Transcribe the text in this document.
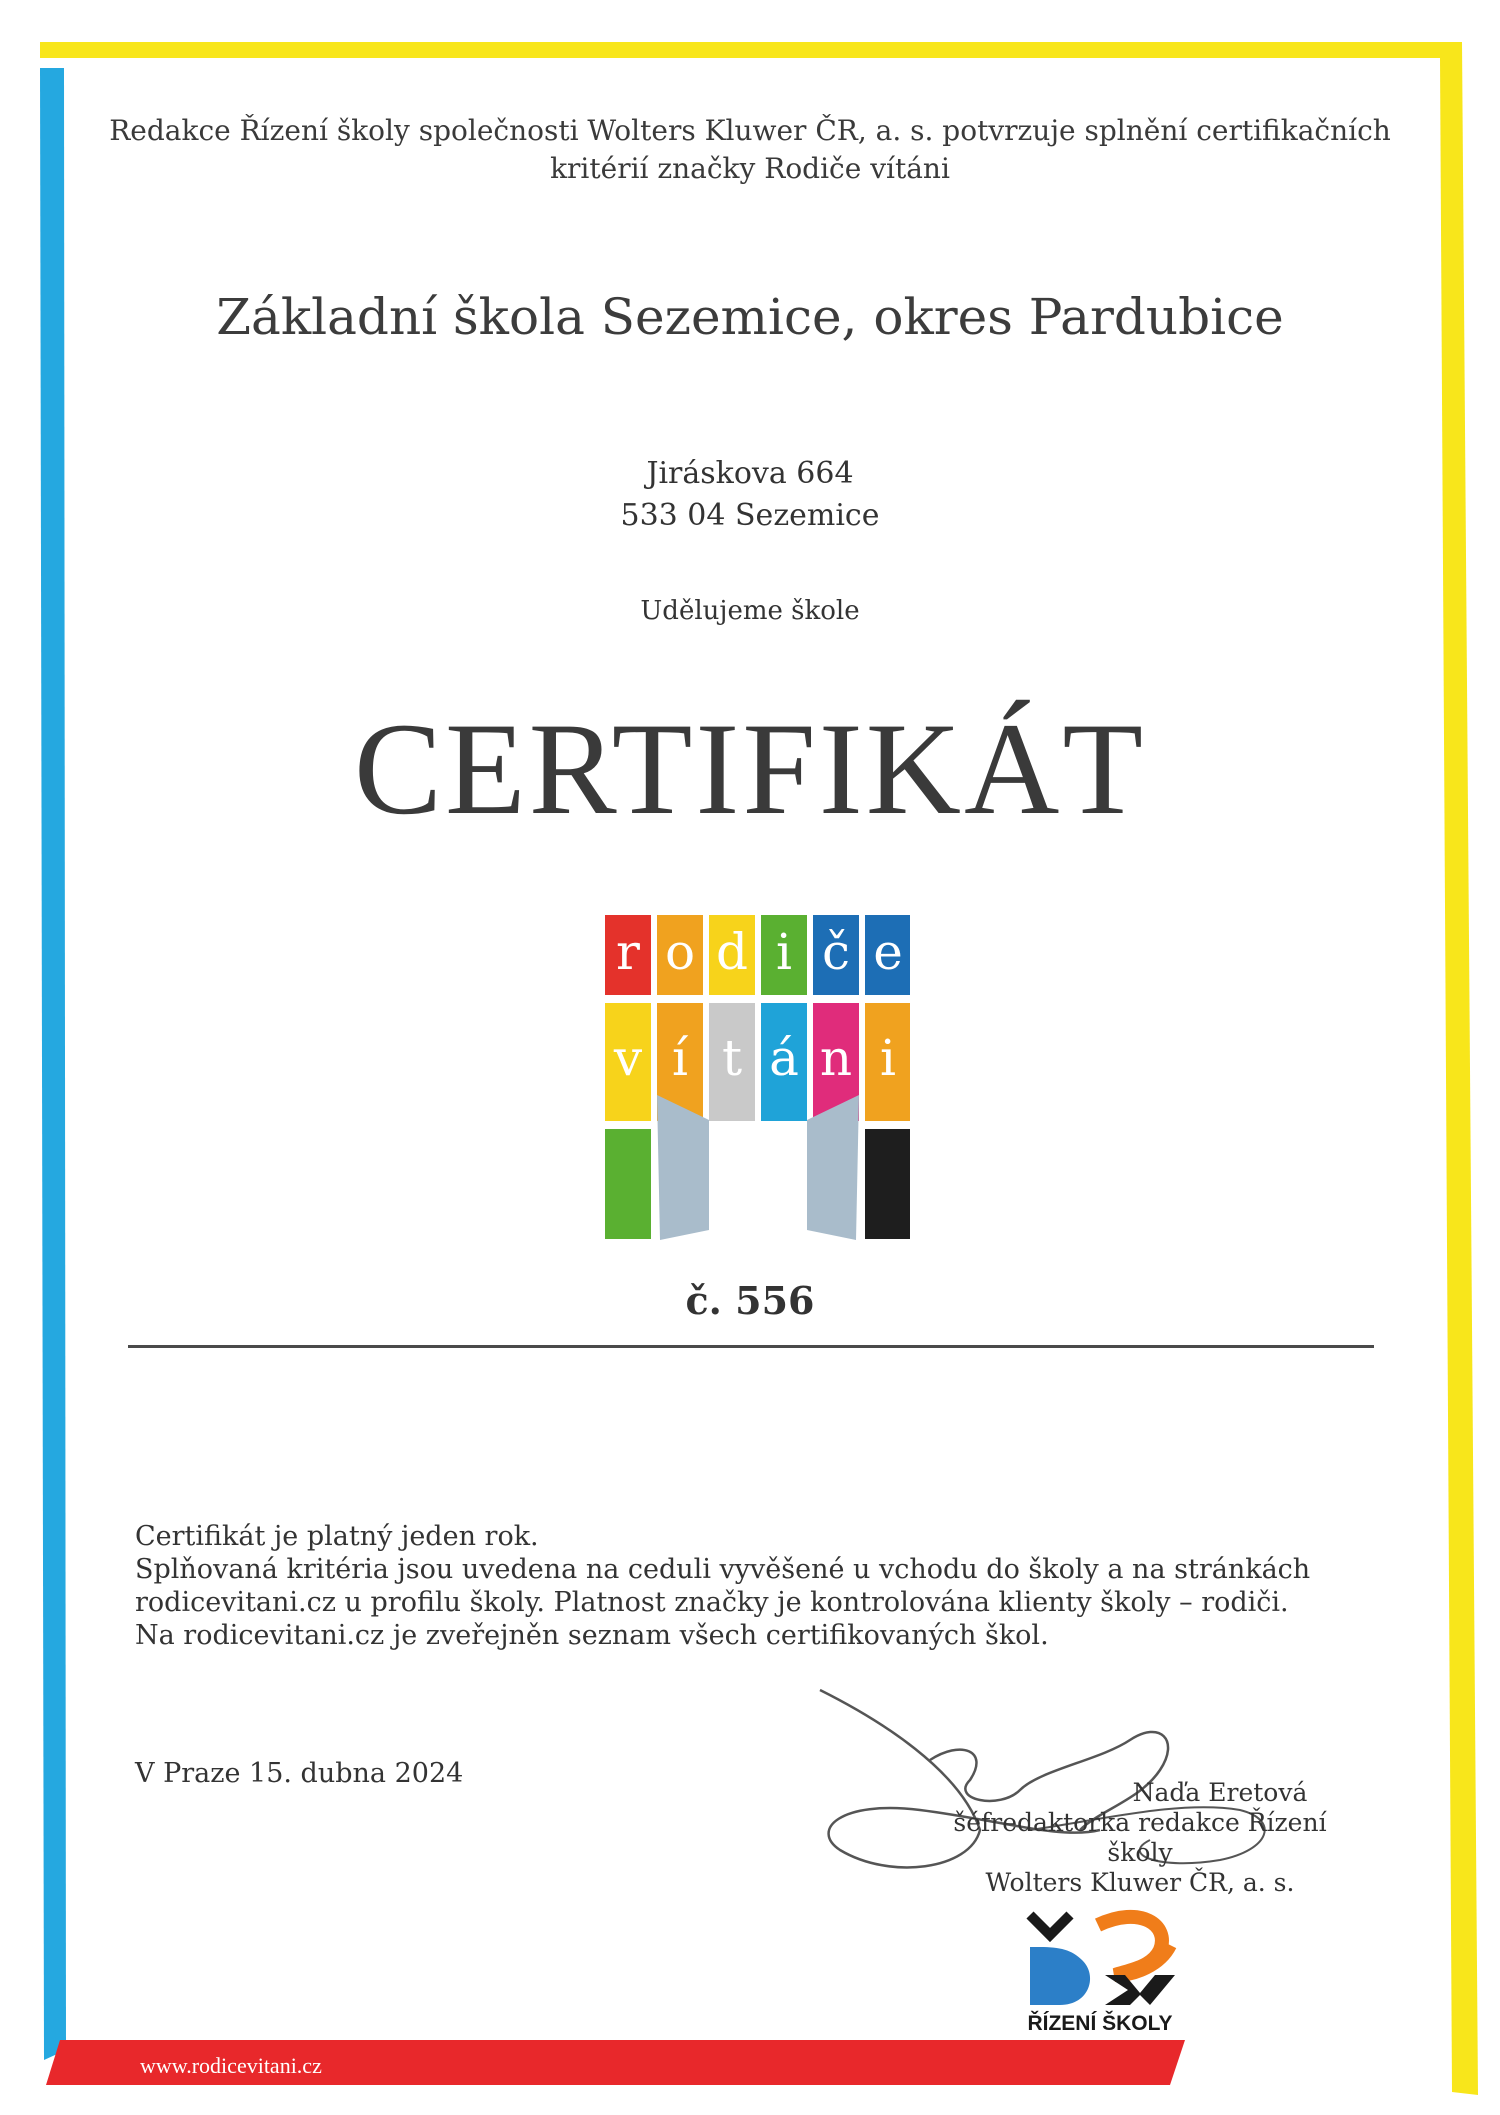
Redakce Řízení školy společnosti Wolters Kluwer ČR, a. s. potvrzuje splnění certifikačních
kritérií značky Rodiče vítáni
Základní škola Sezemice, okres Pardubice
Jiráskova 664
533 04 Sezemice
Udělujeme škole
CERTIFIKÁT
r o d i č e
v í t á n i
č. 556
Certifikát je platný jeden rok.
Splňovaná kritéria jsou uvedena na ceduli vyvěšené u vchodu do školy a na stránkách
rodicevitani.cz u profilu školy. Platnost značky je kontrolována klienty školy – rodiči.
Na rodicevitani.cz je zveřejněn seznam všech certifikovaných škol.
V Praze 15. dubna 2024
Naďa Eretová
šéfredaktorka redakce Řízení školy
Wolters Kluwer ČR, a. s.
ŘÍZENÍ ŠKOLY
www.rodicevitani.cz
